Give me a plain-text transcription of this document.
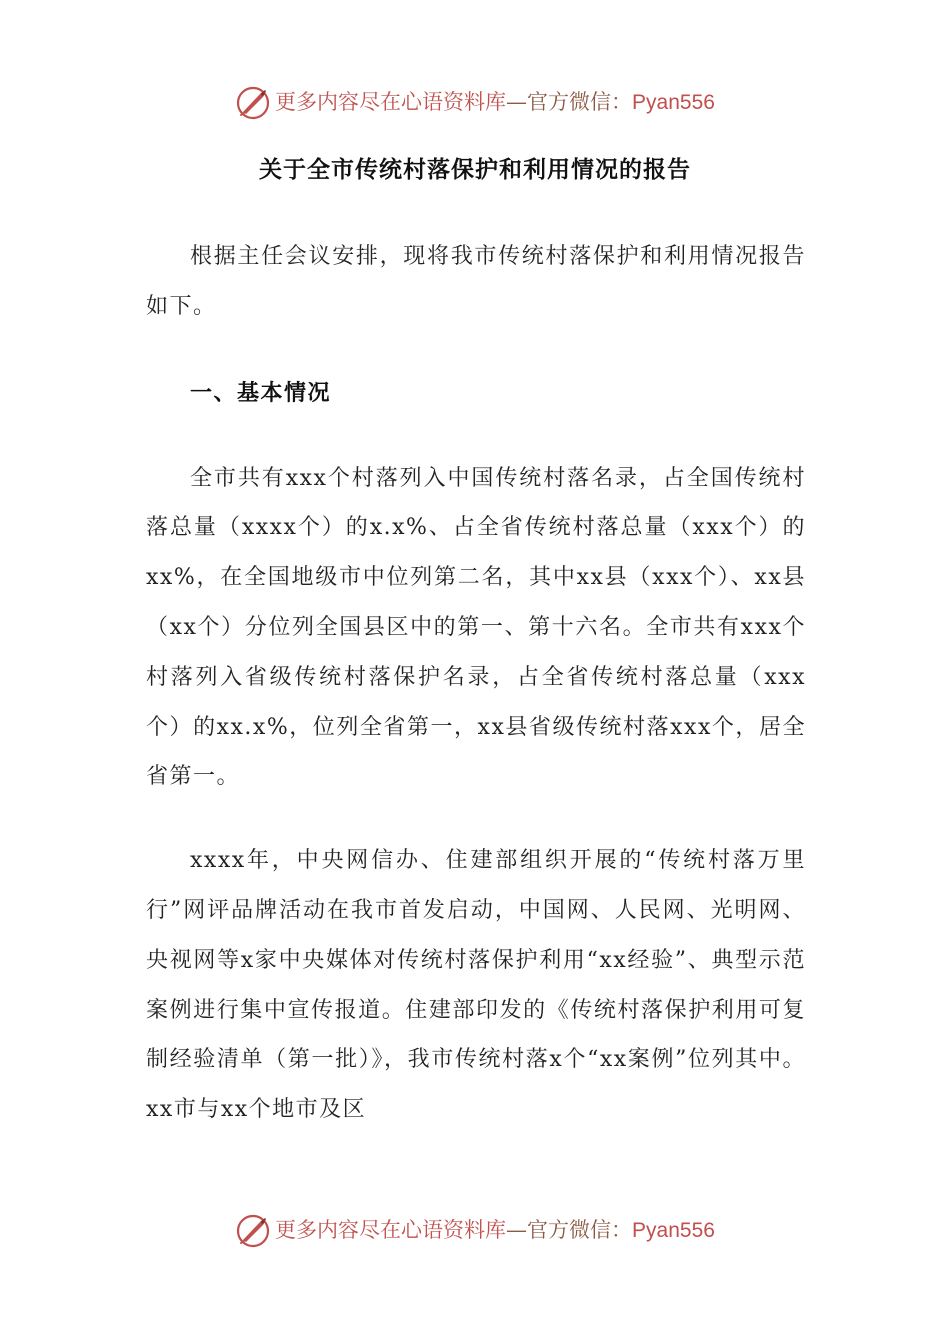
更多内容尽在心语资料库—官方微信：Pyan556
关于全市传统村落保护和利用情况的报告

根据主任会议安排，现将我市传统村落保护和利用情况报告如下。

一、基本情况

全市共有xxx个村落列入中国传统村落名录，占全国传统村落总量（xxxx个）的x.x%、占全省传统村落总量（xxx个）的xx%，在全国地级市中位列第二名，其中xx县（xxx个）、xx县（xx个）分位列全国县区中的第一、第十六名。全市共有xxx个村落列入省级传统村落保护名录，占全省传统村落总量（xxx个）的xx.x%，位列全省第一，xx县省级传统村落xxx个，居全省第一。

xxxx年，中央网信办、住建部组织开展的“传统村落万里行”网评品牌活动在我市首发启动，中国网、人民网、光明网、央视网等x家中央媒体对传统村落保护利用“xx经验”、典型示范案例进行集中宣传报道。住建部印发的《传统村落保护利用可复制经验清单（第一批）》，我市传统村落x个“xx案例”位列其中。xx市与xx个地市及区

更多内容尽在心语资料库—官方微信：Pyan556
